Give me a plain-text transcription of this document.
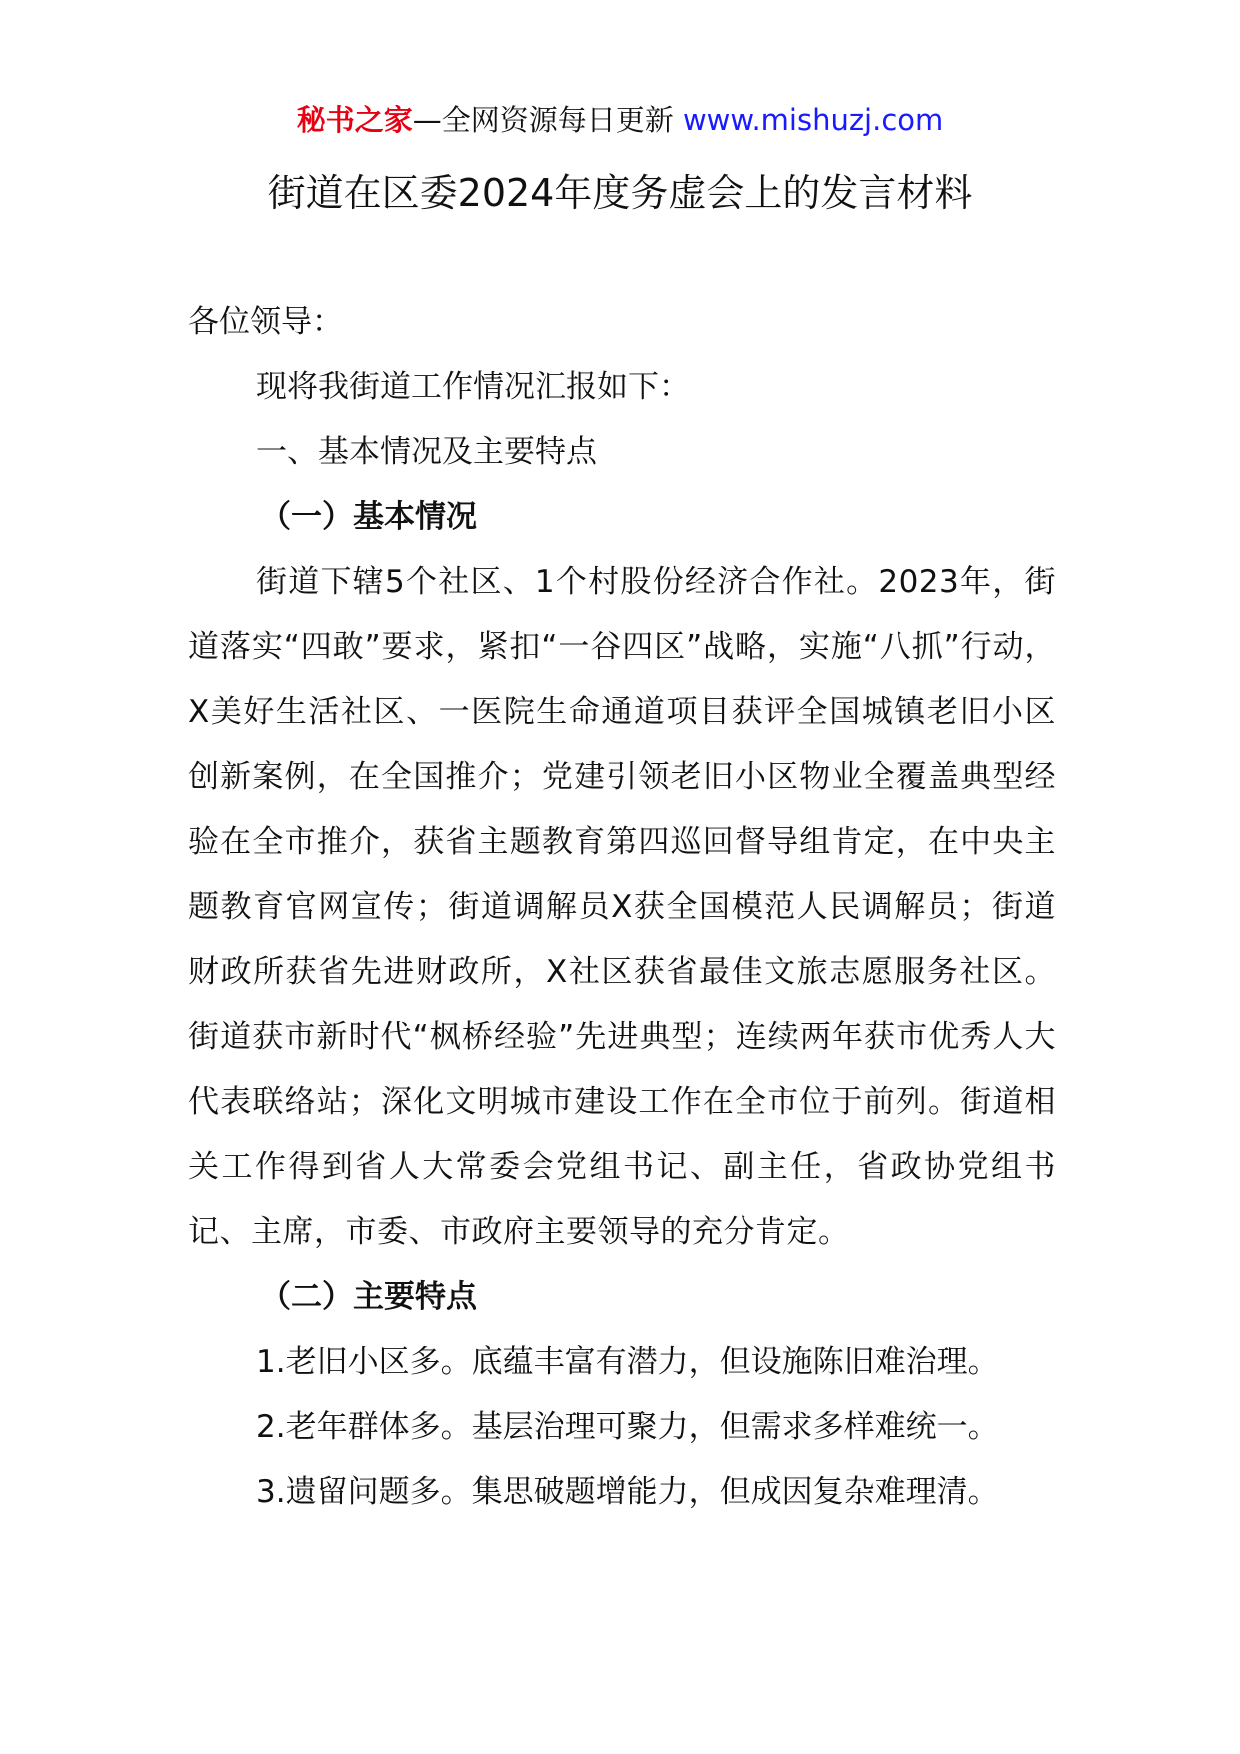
秘书之家—全网资源每日更新 www.mishuzj.com
街道在区委2024年度务虚会上的发言材料

各位领导：

现将我街道工作情况汇报如下：

一、基本情况及主要特点

（一）基本情况

街道下辖5个社区、1个村股份经济合作社。2023年，街道落实“四敢”要求，紧扣“一谷四区”战略，实施“八抓”行动，X美好生活社区、一医院生命通道项目获评全国城镇老旧小区创新案例，在全国推介；党建引领老旧小区物业全覆盖典型经验在全市推介，获省主题教育第四巡回督导组肯定，在中央主题教育官网宣传；街道调解员X获全国模范人民调解员；街道财政所获省先进财政所，X社区获省最佳文旅志愿服务社区。街道获市新时代“枫桥经验”先进典型；连续两年获市优秀人大代表联络站；深化文明城市建设工作在全市位于前列。街道相关工作得到省人大常委会党组书记、副主任，省政协党组书记、主席，市委、市政府主要领导的充分肯定。

（二）主要特点

1.老旧小区多。底蕴丰富有潜力，但设施陈旧难治理。

2.老年群体多。基层治理可聚力，但需求多样难统一。

3.遗留问题多。集思破题增能力，但成因复杂难理清。
